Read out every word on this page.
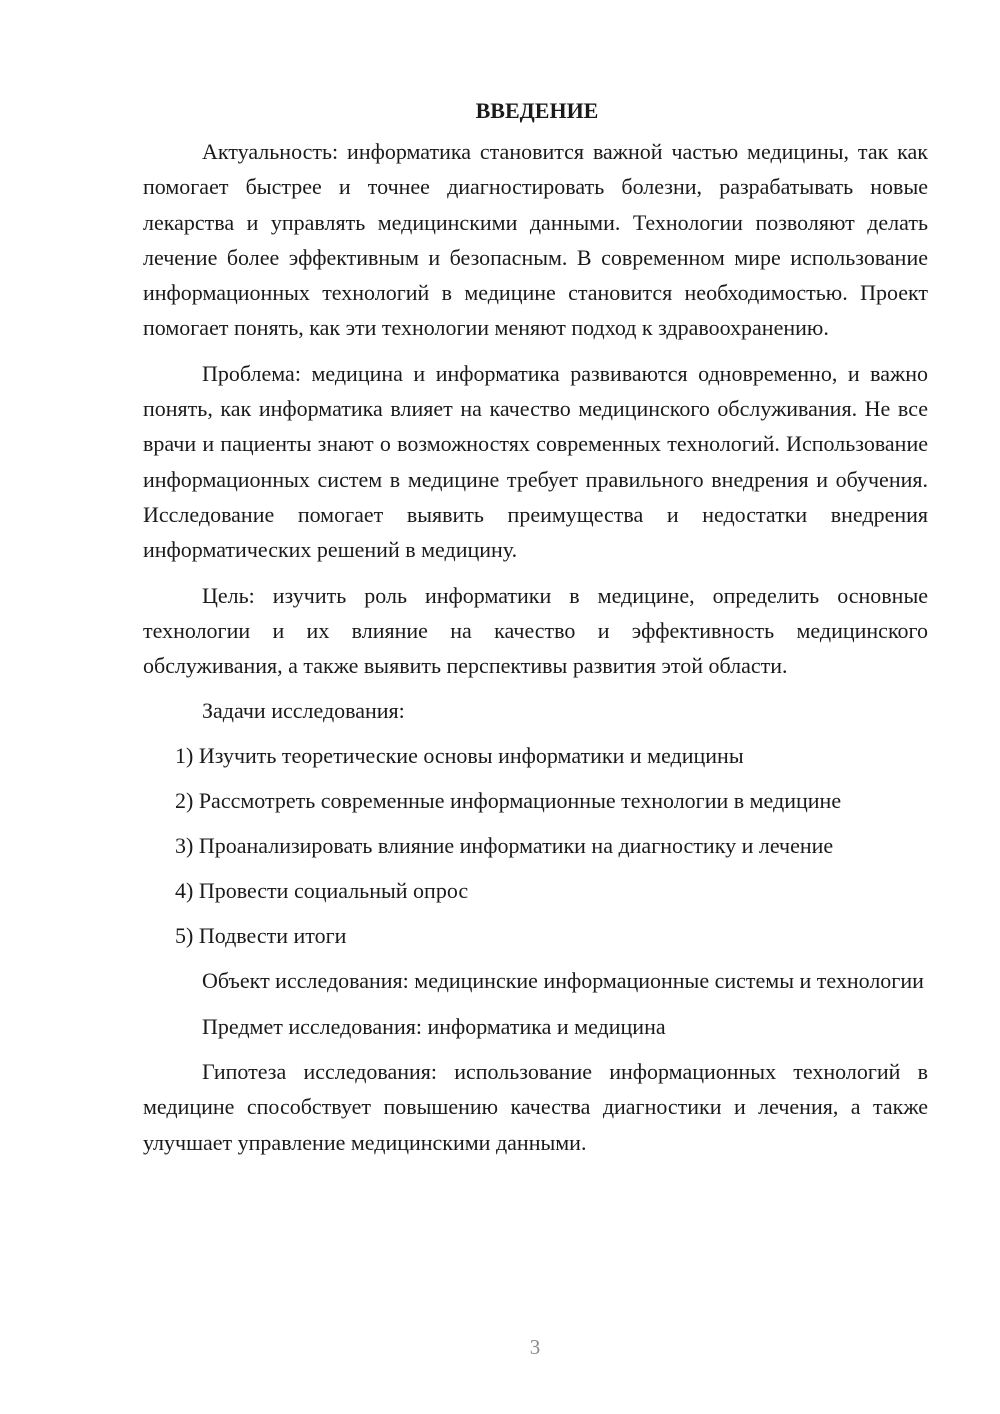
ВВЕДЕНИЕ

Актуальность: информатика становится важной частью медицины, так как помогает быстрее и точнее диагностировать болезни, разрабатывать новые лекарства и управлять медицинскими данными. Технологии позволяют делать лечение более эффективным и безопасным. В современном мире использование информационных технологий в медицине становится необходимостью. Проект помогает понять, как эти технологии меняют подход к здравоохранению.

Проблема: медицина и информатика развиваются одновременно, и важно понять, как информатика влияет на качество медицинского обслуживания. Не все врачи и пациенты знают о возможностях современных технологий. Использование информационных систем в медицине требует правильного внедрения и обучения. Исследование помогает выявить преимущества и недостатки внедрения информатических решений в медицину.

Цель: изучить роль информатики в медицине, определить основные технологии и их влияние на качество и эффективность медицинского обслуживания, а также выявить перспективы развития этой области.

Задачи исследования:

1) Изучить теоретические основы информатики и медицины
2) Рассмотреть современные информационные технологии в медицине
3) Проанализировать влияние информатики на диагностику и лечение
4) Провести социальный опрос
5) Подвести итоги

Объект исследования: медицинские информационные системы и технологии

Предмет исследования: информатика и медицина

Гипотеза исследования: использование информационных технологий в медицине способствует повышению качества диагностики и лечения, а также улучшает управление медицинскими данными.

3
